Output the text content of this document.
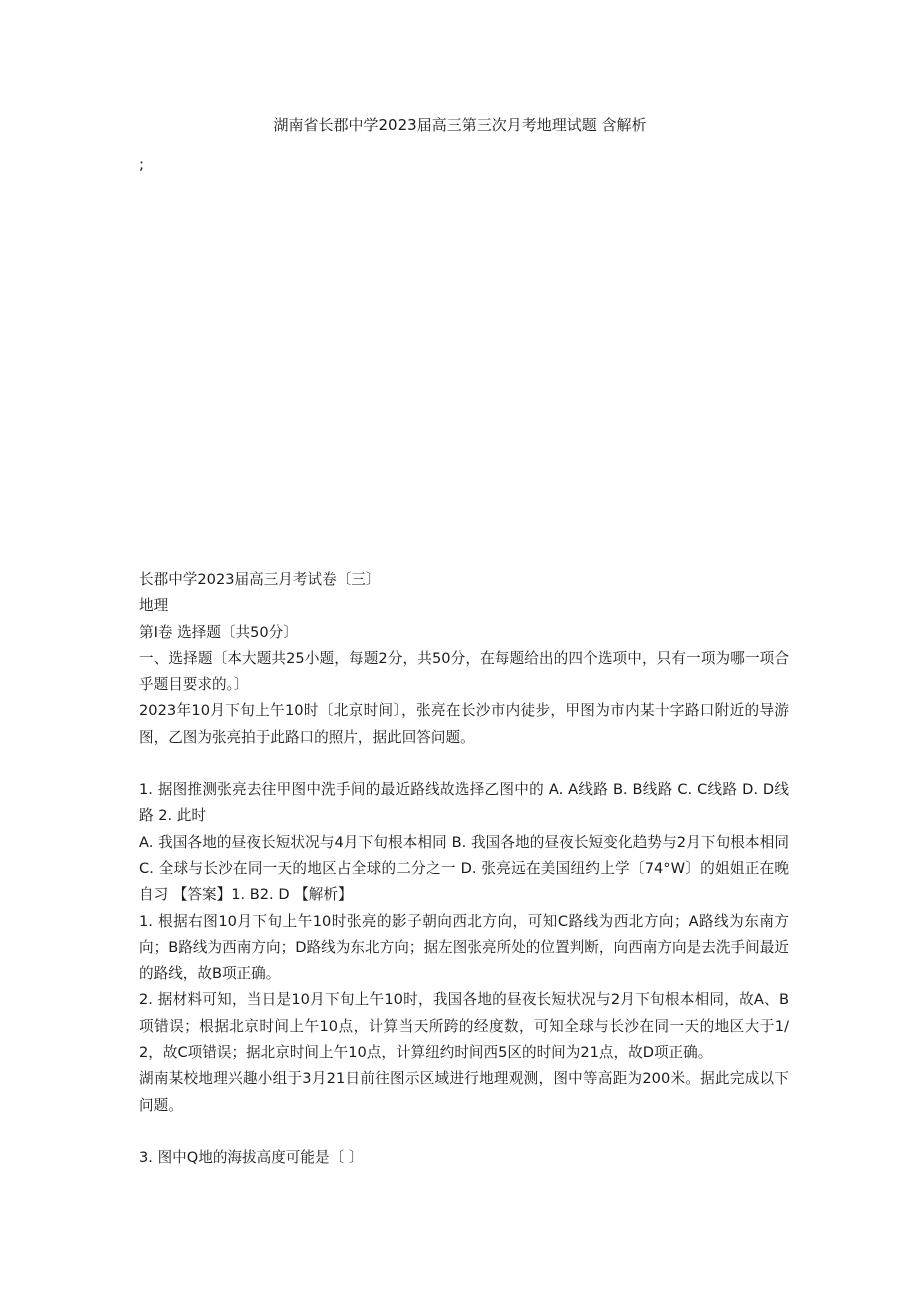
湖南省长郡中学2023届高三第三次月考地理试题 含解析
;

长郡中学2023届高三月考试卷〔三〕

地理

第I卷 选择题〔共50分〕

一、选择题〔本大题共25小题，每题2分，共50分，在每题给出的四个选项中，只有一项为哪一项合乎题目要求的。〕

2023年10月下旬上午10时〔北京时间〕，张亮在长沙市内徒步，甲图为市内某十字路口附近的导游图，乙图为张亮拍于此路口的照片，据此回答问题。

1. 据图推测张亮去往甲图中洗手间的最近路线故选择乙图中的 A. A线路 B. B线路 C. C线路 D. D线路 2. 此时

A. 我国各地的昼夜长短状况与4月下旬根本相同 B. 我国各地的昼夜长短变化趋势与2月下旬根本相同 C. 全球与长沙在同一天的地区占全球的二分之一 D. 张亮远在美国纽约上学〔74°W〕的姐姐正在晚自习 【答案】1. B2. D 【解析】

1. 根据右图10月下旬上午10时张亮的影子朝向西北方向，可知C路线为西北方向；A路线为东南方向；B路线为西南方向；D路线为东北方向；据左图张亮所处的位置判断，向西南方向是去洗手间最近的路线，故B项正确。

2. 据材料可知，当日是10月下旬上午10时，我国各地的昼夜长短状况与2月下旬根本相同，故A、B项错误；根据北京时间上午10点，计算当天所跨的经度数，可知全球与长沙在同一天的地区大于1/2，故C项错误；据北京时间上午10点，计算纽约时间西5区的时间为21点，故D项正确。

湖南某校地理兴趣小组于3月21日前往图示区域进行地理观测，图中等高距为200米。据此完成以下问题。

3. 图中Q地的海拔高度可能是〔 〕
